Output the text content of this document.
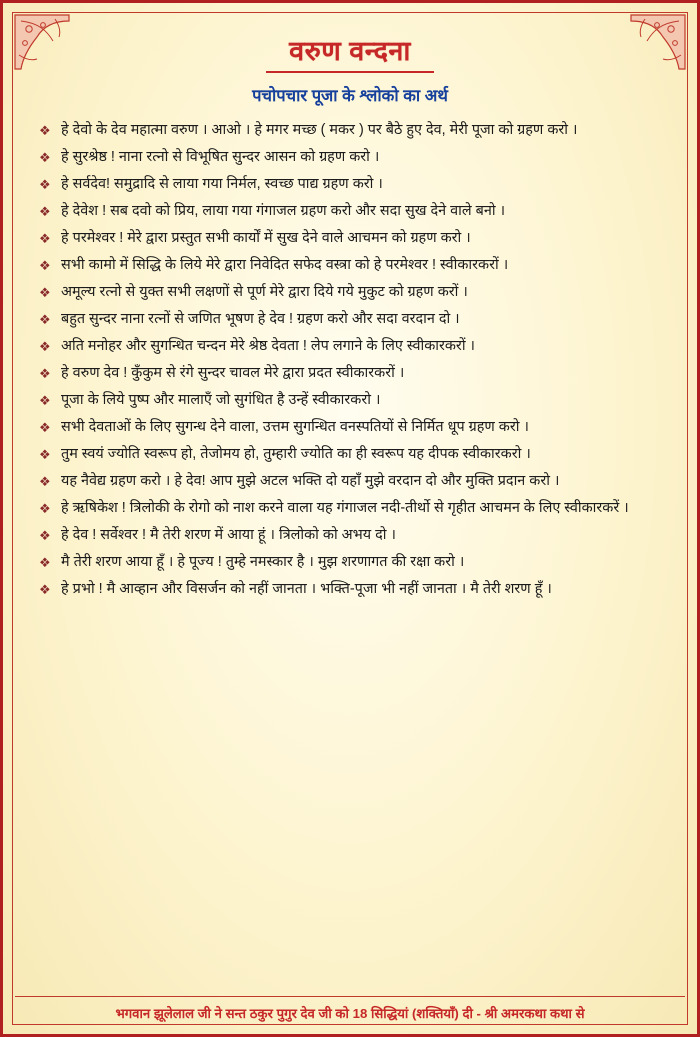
वरुण वन्दना
पचोपचार पूजा के श्लोको का अर्थ
❖ हे देवो के देव महात्मा वरुण । आओ । हे मगर मच्छ ( मकर ) पर बैठे हुए देव, मेरी पूजा को ग्रहण करो ।
❖ हे सुरश्रेष्ठ ! नाना रत्नो से विभूषित सुन्दर आसन को ग्रहण करो ।
❖ हे सर्वदेव! समुद्रादि से लाया गया निर्मल, स्वच्छ पाद्य ग्रहण करो ।
❖ हे देवेश ! सब दवो को प्रिय, लाया गया गंगाजल ग्रहण करो और सदा सुख देने वाले बनो ।
❖ हे परमेश्वर ! मेरे द्वारा प्रस्तुत सभी कार्यों में सुख देने वाले आचमन को ग्रहण करो ।
❖ सभी कामो में सिद्धि के लिये मेरे द्वारा निवेदित सफेद वस्त्रा को हे परमेश्वर ! स्वीकारकरों ।
❖ अमूल्य रत्नो से युक्त सभी लक्षणों से पूर्ण मेरे द्वारा दिये गये मुकुट को ग्रहण करों ।
❖ बहुत सुन्दर नाना रत्नों से जणित भूषण हे देव ! ग्रहण करो और सदा वरदान दो ।
❖ अति मनोहर और सुगन्धित चन्दन मेरे श्रेष्ठ देवता ! लेप लगाने के लिए स्वीकारकरों ।
❖ हे वरुण देव ! कुँकुम से रंगे सुन्दर चावल मेरे द्वारा प्रदत स्वीकारकरों ।
❖ पूजा के लिये पुष्प और मालाएँ जो सुगंधित है उन्हें स्वीकारकरो ।
❖ सभी देवताओं के लिए सुगन्ध देने वाला, उत्तम सुगन्धित वनस्पतियों से निर्मित धूप ग्रहण करो ।
❖ तुम स्वयं ज्योति स्वरूप हो, तेजोमय हो, तुम्हारी ज्योति का ही स्वरूप यह दीपक स्वीकारकरो ।
❖ यह नैवेद्य ग्रहण करो । हे देव! आप मुझे अटल भक्ति दो यहाँ मुझे वरदान दो और मुक्ति प्रदान करो ।
❖ हे ऋषिकेश ! त्रिलोकी के रोगो को नाश करने वाला यह गंगाजल नदी-तीर्थो से गृहीत आचमन के लिए स्वीकारकरें ।
❖ हे देव ! सर्वेश्वर ! मै तेरी शरण में आया हूं । त्रिलोको को अभय दो ।
❖ मै तेरी शरण आया हूँ । हे पूज्य ! तुम्हे नमस्कार है । मुझ शरणागत की रक्षा करो ।
❖ हे प्रभो ! मै आव्हान और विसर्जन को नहीं जानता । भक्ति-पूजा भी नहीं जानता । मै तेरी शरण हूँ ।
भगवान झूलेलाल जी ने सन्त ठकुर पुगुर देव जी को 18 सिद्धियां (शक्तियाँ) दी - श्री अमरकथा कथा से
